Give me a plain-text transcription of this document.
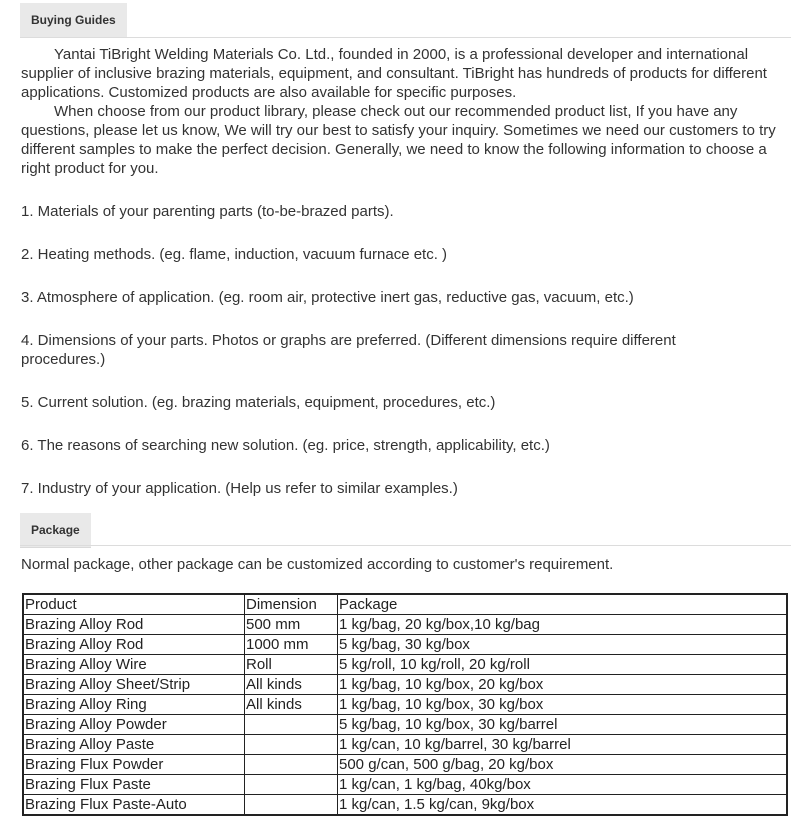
Buying Guides

Yantai TiBright Welding Materials Co. Ltd., founded in 2000, is a professional developer and international supplier of inclusive brazing materials, equipment, and consultant. TiBright has hundreds of products for different applications. Customized products are also available for specific purposes.

When choose from our product library, please check out our recommended product list, If you have any questions, please let us know, We will try our best to satisfy your inquiry. Sometimes we need our customers to try different samples to make the perfect decision. Generally, we need to know the following information to choose a right product for you.

1. Materials of your parenting parts (to-be-brazed parts).

2. Heating methods. (eg. flame, induction, vacuum furnace etc. )

3. Atmosphere of application. (eg. room air, protective inert gas, reductive gas, vacuum, etc.)

4. Dimensions of your parts. Photos or graphs are preferred. (Different dimensions require different procedures.)

5. Current solution. (eg. brazing materials, equipment, procedures, etc.)

6. The reasons of searching new solution. (eg. price, strength, applicability, etc.)

7. Industry of your application. (Help us refer to similar examples.)

Package

Normal package, other package can be customized according to customer's requirement.

Product	Dimension	Package
Brazing Alloy Rod	500 mm	1 kg/bag, 20 kg/box,10 kg/bag
Brazing Alloy Rod	1000 mm	5 kg/bag, 30 kg/box
Brazing Alloy Wire	Roll	5 kg/roll, 10 kg/roll, 20 kg/roll
Brazing Alloy Sheet/Strip	All kinds	1 kg/bag, 10 kg/box, 20 kg/box
Brazing Alloy Ring	All kinds	1 kg/bag, 10 kg/box, 30 kg/box
Brazing Alloy Powder		5 kg/bag, 10 kg/box, 30 kg/barrel
Brazing Alloy Paste		1 kg/can, 10 kg/barrel, 30 kg/barrel
Brazing Flux Powder		500 g/can, 500 g/bag, 20 kg/box
Brazing Flux Paste		1 kg/can, 1 kg/bag, 40kg/box
Brazing Flux Paste-Auto		1 kg/can, 1.5 kg/can, 9kg/box
